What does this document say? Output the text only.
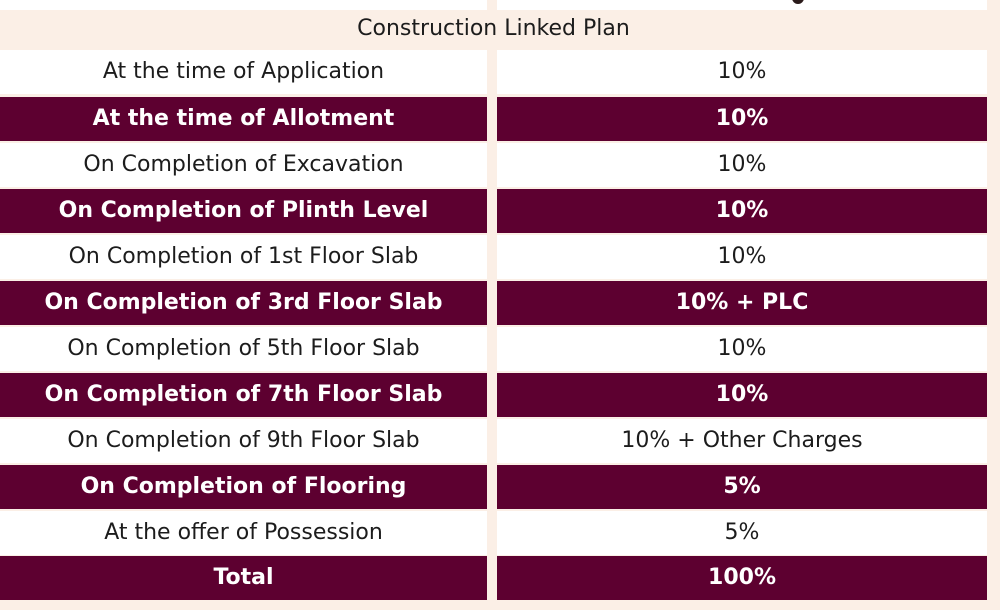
Construction Linked Plan
At the time of Application	10%
At the time of Allotment	10%
On Completion of Excavation	10%
On Completion of Plinth Level	10%
On Completion of 1st Floor Slab	10%
On Completion of 3rd Floor Slab	10% + PLC
On Completion of 5th Floor Slab	10%
On Completion of 7th Floor Slab	10%
On Completion of 9th Floor Slab	10% + Other Charges
On Completion of Flooring	5%
At the offer of Possession	5%
Total	100%
